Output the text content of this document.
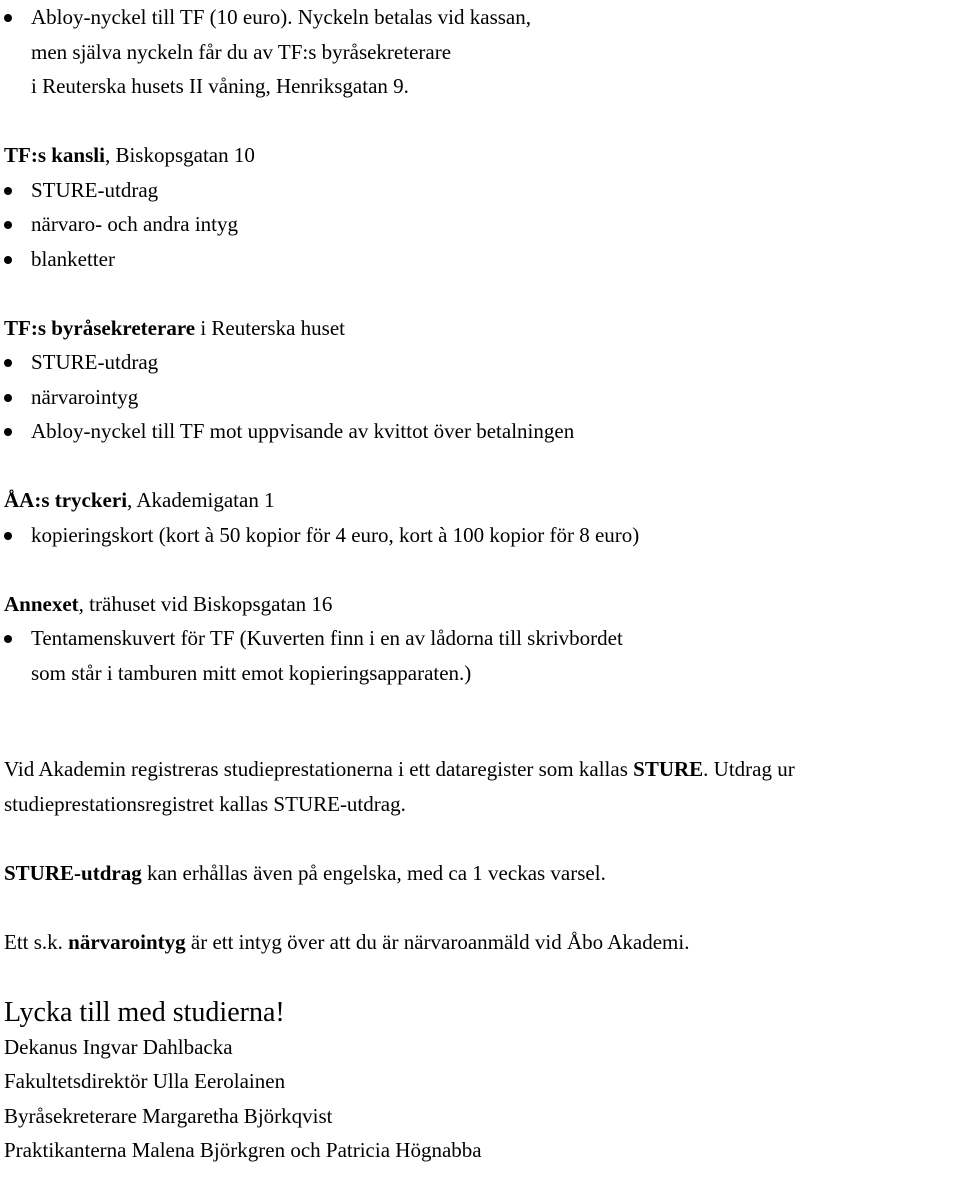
Abloy-nyckel till TF (10 euro). Nyckeln betalas vid kassan,
men själva nyckeln får du av TF:s byråsekreterare
i Reuterska husets II våning, Henriksgatan 9.
TF:s kansli, Biskopsgatan 10
STURE-utdrag
närvaro- och andra intyg
blanketter
TF:s byråsekreterare i Reuterska huset
STURE-utdrag
närvarointyg
Abloy-nyckel till TF mot uppvisande av kvittot över betalningen
ÅA:s tryckeri, Akademigatan 1
kopieringskort (kort à 50 kopior för 4 euro, kort à 100 kopior för 8 euro)
Annexet, trähuset vid Biskopsgatan 16
Tentamenskuvert för TF (Kuverten finn i en av lådorna till skrivbordet
som står i tamburen mitt emot kopieringsapparaten.)

Vid Akademin registreras studieprestationerna i ett dataregister som kallas STURE. Utdrag ur studieprestationsregistret kallas STURE-utdrag.

STURE-utdrag kan erhållas även på engelska, med ca 1 veckas varsel.

Ett s.k. närvarointyg är ett intyg över att du är närvaroanmäld vid Åbo Akademi.

Lycka till med studierna!
Dekanus Ingvar Dahlbacka
Fakultetsdirektör Ulla Eerolainen
Byråsekreterare Margaretha Björkqvist
Praktikanterna Malena Björkgren och Patricia Högnabba
